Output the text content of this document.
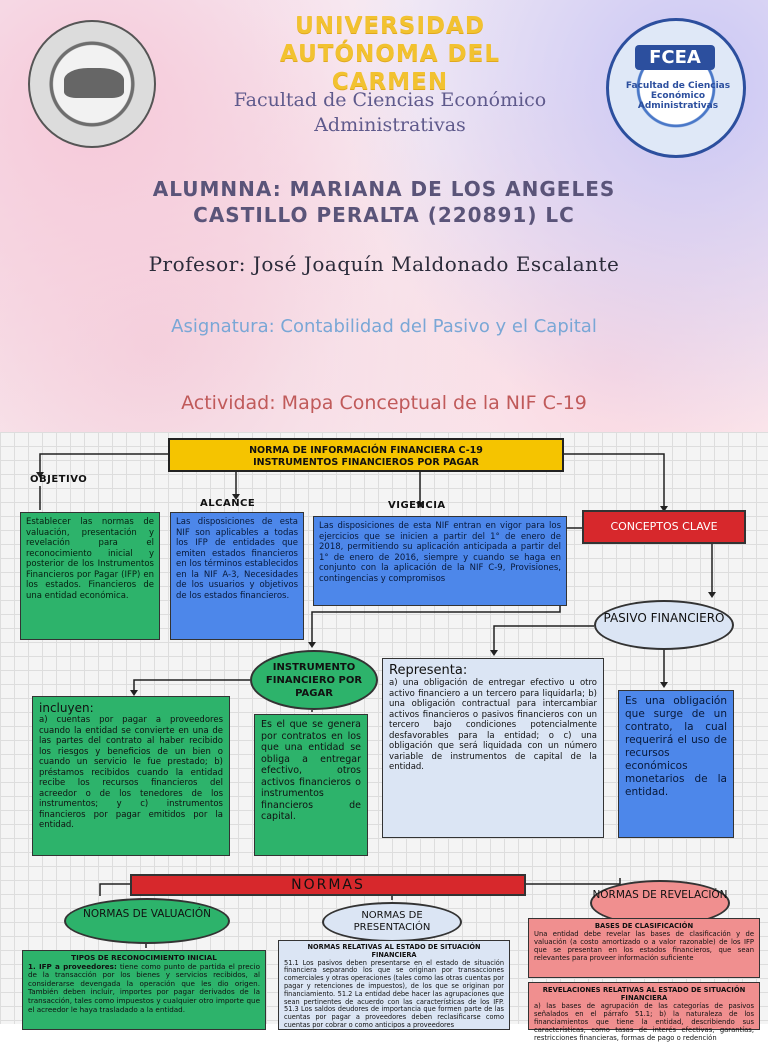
FCEA
Facultad de Ciencias Económico Administrativas
UNIVERSIDAD AUTÓNOMA DEL CARMEN
Facultad de Ciencias Económico Administrativas
ALUMNNA: MARIANA DE LOS ANGELES CASTILLO PERALTA (220891) LC
Profesor: José Joaquín Maldonado Escalante
Asignatura: Contabilidad del Pasivo y el Capital
Actividad: Mapa Conceptual de la NIF C-19
NORMA DE INFORMACIÓN FINANCIERA C-19
INSTRUMENTOS FINANCIEROS POR PAGAR
OBJETIVO
ALCANCE	VIGENCIA
Establecer las normas de valuación, presentación y revelación para el reconocimiento inicial y posterior de los Instrumentos Financieros por Pagar (IFP) en los estados. Financieros de una entidad económica.
Las disposiciones de esta NIF son aplicables a todas los IFP de entidades que emiten estados financieros en los términos establecidos en la NIF A-3, Necesidades de los usuarios y objetivos de los estados financieros.
Las disposiciones de esta NIF entran en vigor para los ejercicios que se inicien a partir del 1° de enero de 2018, permitiendo su aplicación anticipada a partir del 1° de enero de 2016, siempre y cuando se haga en conjunto con la aplicación de la NIF C-9, Provisiones, contingencias y compromisos
CONCEPTOS CLAVE
PASIVO FINANCIERO
INSTRUMENTO FINANCIERO POR PAGAR
incluyen:
a) cuentas por pagar a proveedores cuando la entidad se convierte en una de las partes del contrato al haber recibido los riesgos y beneficios de un bien o cuando un servicio le fue prestado; b) préstamos recibidos cuando la entidad recibe los recursos financieros del acreedor o de los tenedores de los instrumentos; y c) instrumentos financieros por pagar emitidos por la entidad.
Es el que se genera por contratos en los que una entidad se obliga a entregar efectivo, otros activos financieros o instrumentos financieros de capital.
Representa:
a) una obligación de entregar efectivo u otro activo financiero a un tercero para liquidarla; b) una obligación contractual para intercambiar activos financieros o pasivos financieros con un tercero bajo condiciones potencialmente desfavorables para la entidad; o c) una obligación que será liquidada con un número variable de instrumentos de capital de la entidad.
Es una obligación que surge de un contrato, la cual requerirá el uso de recursos económicos monetarios de la entidad.
NORMAS
NORMAS DE VALUACIÓN	NORMAS DE PRESENTACIÓN
NORMAS DE REVELACIÓN
TIPOS DE RECONOCIMIENTO INICIAL
1. IFP a proveedores: tiene como punto de partida el precio de la transacción por los bienes y servicios recibidos, al considerarse devengada la operación que les dio origen. También deben incluir, importes por pagar derivados de la transacción, tales como impuestos y cualquier otro importe que el acreedor le haya trasladado a la entidad.
NORMAS RELATIVAS AL ESTADO DE SITUACIÓN FINANCIERA
51.1 Los pasivos deben presentarse en el estado de situación financiera separando los que se originan por transacciones comerciales y otras operaciones (tales como las otras cuentas por pagar y retenciones de impuestos), de los que se originan por financiamiento. 51.2 La entidad debe hacer las agrupaciones que sean pertinentes de acuerdo con las características de los IFP. 51.3 Los saldos deudores de importancia que formen parte de las cuentas por pagar a proveedores deben reclasificarse como cuentas por cobrar o como anticipos a proveedores
BASES DE CLASIFICACIÓN
Una entidad debe revelar las bases de clasificación y de valuación (a costo amortizado o a valor razonable) de los IFP que se presentan en los estados financieros, que sean relevantes para proveer información suficiente
REVELACIONES RELATIVAS AL ESTADO DE SITUACIÓN FINANCIERA
a) las bases de agrupación de las categorías de pasivos señalados en el párrafo 51.1; b) la naturaleza de los financiamientos que tiene la entidad, describiendo sus características, como tasas de interés efectivas, garantías, restricciones financieras, formas de pago o redención
